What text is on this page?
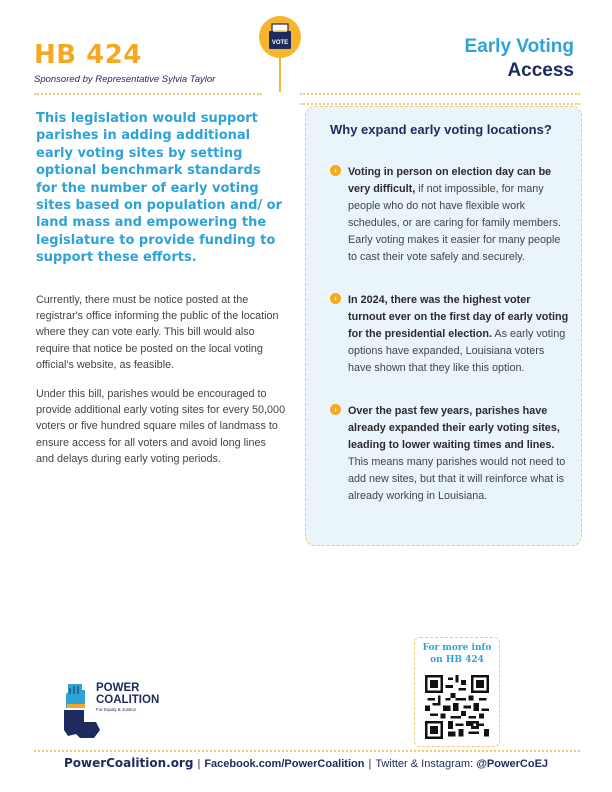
HB 424
Sponsored by Representative Sylvia Taylor
VOTE	Early Voting
Access
This legislation would support parishes in adding additional early voting sites by setting optional benchmark standards for the number of early voting sites based on population and/ or land mass and empowering the legislature to provide funding to support these efforts.

Currently, there must be notice posted at the registrar's office informing the public of the location where they can vote early. This bill would also require that notice be posted on the local voting official's website, as feasible.

Under this bill, parishes would be encouraged to provide additional early voting sites for every 50,000 voters or five hundred square miles of landmass to ensure access for all voters and avoid long lines and delays during early voting periods.

Why expand early voting locations?
›	Voting in person on election day can be very difficult, if not impossible, for many people who do not have flexible work schedules, or are caring for family members. Early voting makes it easier for many people to cast their vote safely and securely.
›	In 2024, there was the highest voter turnout ever on the first day of early voting for the presidential election. As early voting options have expanded, Louisiana voters have shown that they like this option.
›	Over the past few years, parishes have already expanded their early voting sites, leading to lower waiting times and lines. This means many parishes would not need to add new sites, but that it will reinforce what is already working in Louisiana.
POWER
COALITION
For Equity & Justice
For more info
on HB 424
PowerCoalition.org | Facebook.com/PowerCoalition | Twitter & Instagram: @PowerCoEJ
